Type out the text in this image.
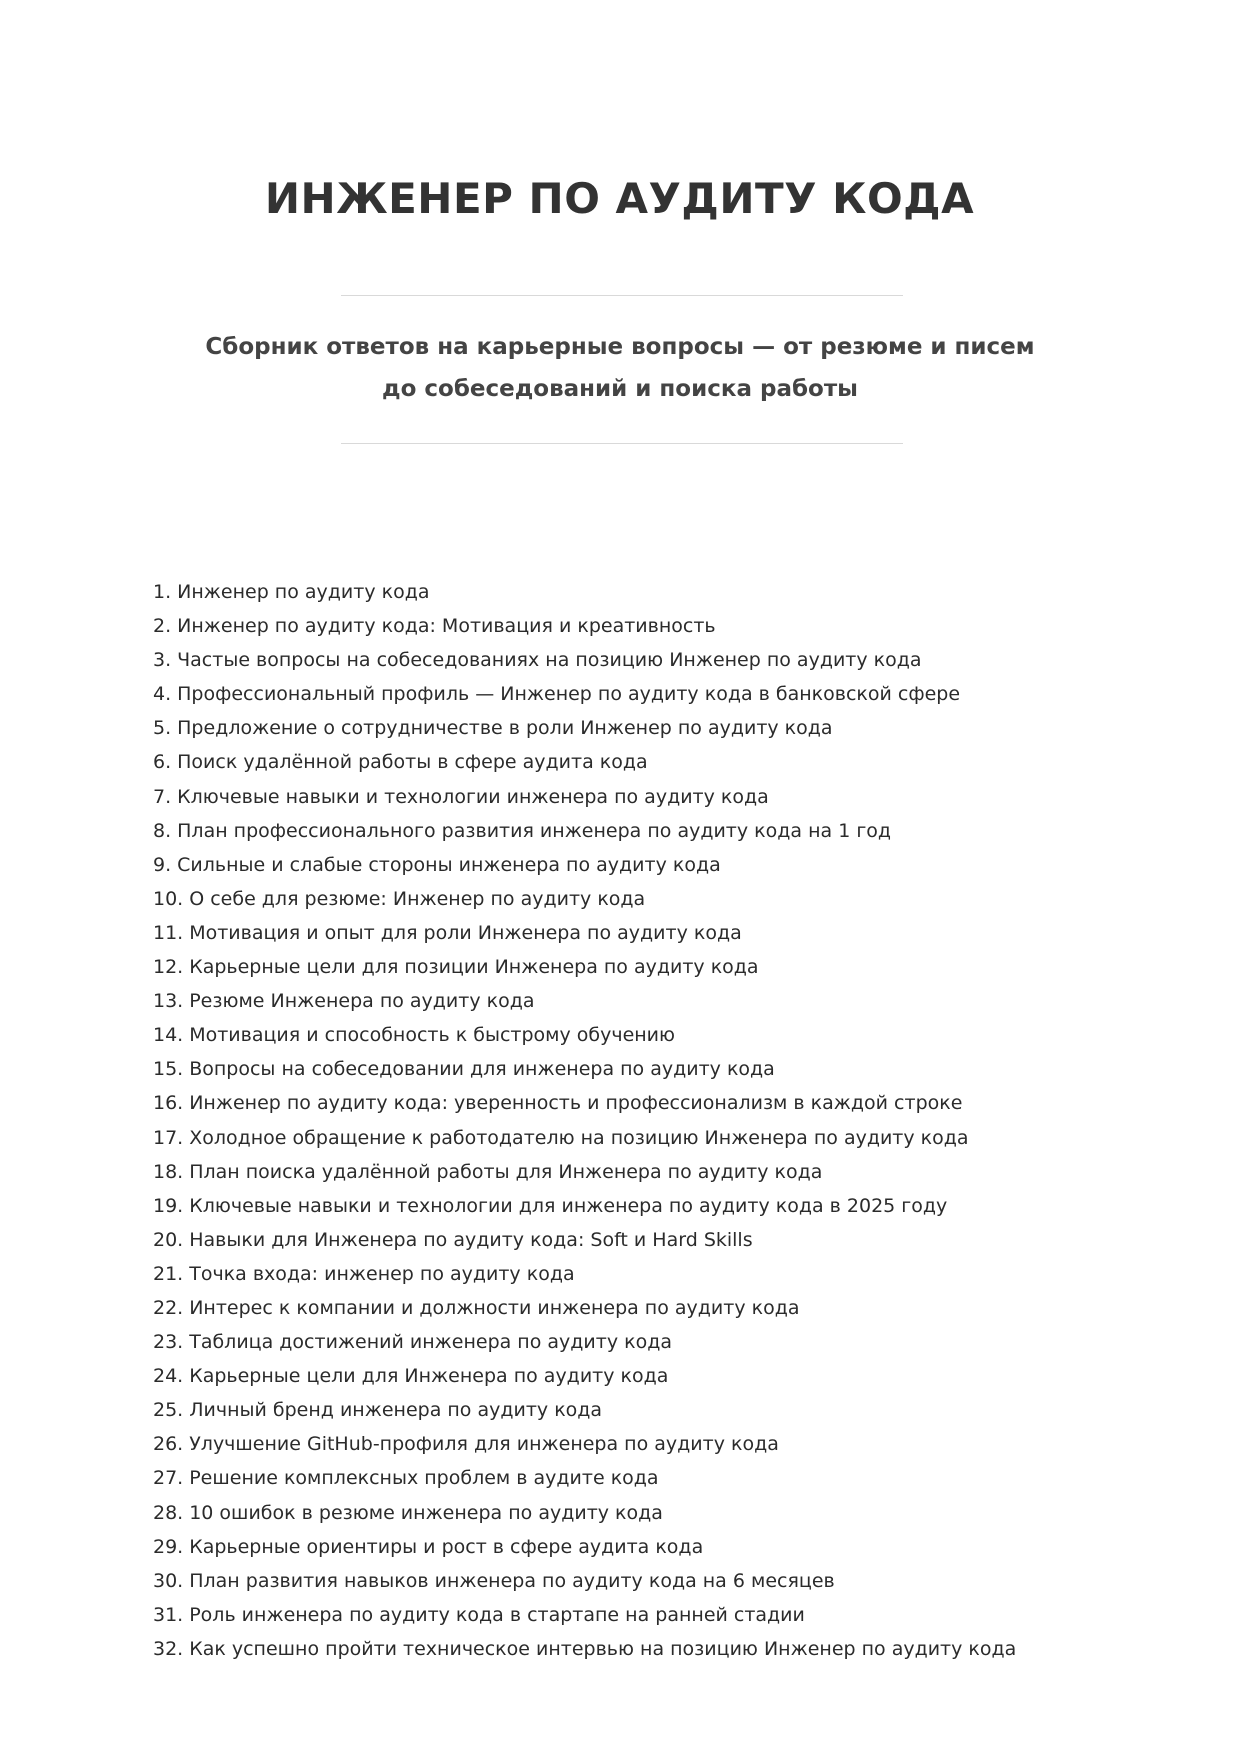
ИНЖЕНЕР ПО АУДИТУ КОДА

Сборник ответов на карьерные вопросы — от резюме и писем до собеседований и поиска работы

1. Инженер по аудиту кода
2. Инженер по аудиту кода: Мотивация и креативность
3. Частые вопросы на собеседованиях на позицию Инженер по аудиту кода
4. Профессиональный профиль — Инженер по аудиту кода в банковской сфере
5. Предложение о сотрудничестве в роли Инженер по аудиту кода
6. Поиск удалённой работы в сфере аудита кода
7. Ключевые навыки и технологии инженера по аудиту кода
8. План профессионального развития инженера по аудиту кода на 1 год
9. Сильные и слабые стороны инженера по аудиту кода
10. О себе для резюме: Инженер по аудиту кода
11. Мотивация и опыт для роли Инженера по аудиту кода
12. Карьерные цели для позиции Инженера по аудиту кода
13. Резюме Инженера по аудиту кода
14. Мотивация и способность к быстрому обучению
15. Вопросы на собеседовании для инженера по аудиту кода
16. Инженер по аудиту кода: уверенность и профессионализм в каждой строке
17. Холодное обращение к работодателю на позицию Инженера по аудиту кода
18. План поиска удалённой работы для Инженера по аудиту кода
19. Ключевые навыки и технологии для инженера по аудиту кода в 2025 году
20. Навыки для Инженера по аудиту кода: Soft и Hard Skills
21. Точка входа: инженер по аудиту кода
22. Интерес к компании и должности инженера по аудиту кода
23. Таблица достижений инженера по аудиту кода
24. Карьерные цели для Инженера по аудиту кода
25. Личный бренд инженера по аудиту кода
26. Улучшение GitHub-профиля для инженера по аудиту кода
27. Решение комплексных проблем в аудите кода
28. 10 ошибок в резюме инженера по аудиту кода
29. Карьерные ориентиры и рост в сфере аудита кода
30. План развития навыков инженера по аудиту кода на 6 месяцев
31. Роль инженера по аудиту кода в стартапе на ранней стадии
32. Как успешно пройти техническое интервью на позицию Инженер по аудиту кода
